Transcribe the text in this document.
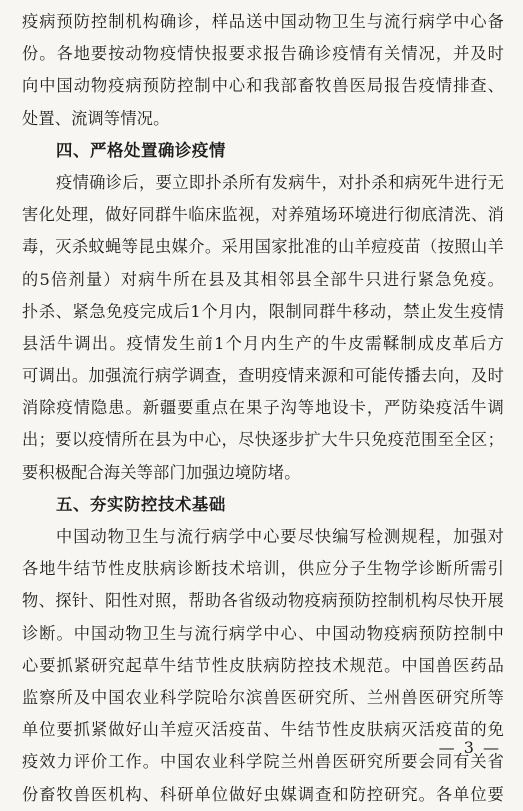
疫病预防控制机构确诊，样品送中国动物卫生与流行病学中心备
份。各地要按动物疫情快报要求报告确诊疫情有关情况，并及时
向中国动物疫病预防控制中心和我部畜牧兽医局报告疫情排查、
处置、流调等情况。
四、严格处置确诊疫情
疫情确诊后，要立即扑杀所有发病牛，对扑杀和病死牛进行无
害化处理，做好同群牛临床监视，对养殖场环境进行彻底清洗、消
毒，灭杀蚊蝇等昆虫媒介。采用国家批准的山羊痘疫苗（按照山羊
的5倍剂量）对病牛所在县及其相邻县全部牛只进行紧急免疫。
扑杀、紧急免疫完成后1个月内，限制同群牛移动，禁止发生疫情
县活牛调出。疫情发生前1个月内生产的牛皮需鞣制成皮革后方
可调出。加强流行病学调查，查明疫情来源和可能传播去向，及时
消除疫情隐患。新疆要重点在果子沟等地设卡，严防染疫活牛调
出；要以疫情所在县为中心，尽快逐步扩大牛只免疫范围至全区；
要积极配合海关等部门加强边境防堵。
五、夯实防控技术基础
中国动物卫生与流行病学中心要尽快编写检测规程，加强对
各地牛结节性皮肤病诊断技术培训，供应分子生物学诊断所需引
物、探针、阳性对照，帮助各省级动物疫病预防控制机构尽快开展
诊断。中国动物卫生与流行病学中心、中国动物疫病预防控制中
心要抓紧研究起草牛结节性皮肤病防控技术规范。中国兽医药品
监察所及中国农业科学院哈尔滨兽医研究所、兰州兽医研究所等
单位要抓紧做好山羊痘灭活疫苗、牛结节性皮肤病灭活疫苗的免
疫效力评价工作。中国农业科学院兰州兽医研究所要会同有关省
份畜牧兽医机构、科研单位做好虫媒调查和防控研究。各单位要
— 3 —
